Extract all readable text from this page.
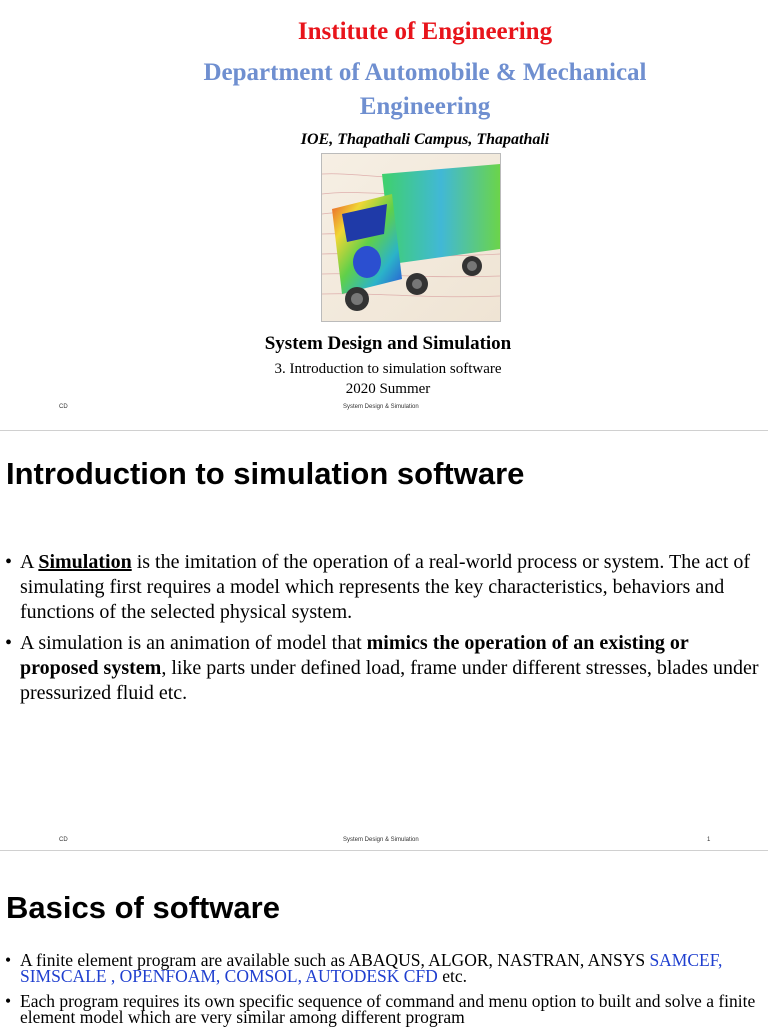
Institute of Engineering
Department of Automobile & Mechanical Engineering
IOE, Thapathali Campus, Thapathali
System Design and Simulation
3. Introduction to simulation software
2020 Summer
CD	System Design & Simulation
Introduction to simulation software
• A Simulation is the imitation of the operation of a real-world process or system. The act of simulating first requires a model which represents the key characteristics, behaviors and functions of the selected physical system.
• A simulation is an animation of model that mimics the operation of an existing or proposed system, like parts under defined load, frame under different stresses, blades under pressurized fluid etc.
CD	System Design & Simulation	1
Basics of software
• A finite element program are available such as ABAQUS, ALGOR, NASTRAN, ANSYS SAMCEF, SIMSCALE , OPENFOAM, COMSOL, AUTODESK CFD etc.
• Each program requires its own specific sequence of command and menu option to built and solve a finite element model which are very similar among different program
